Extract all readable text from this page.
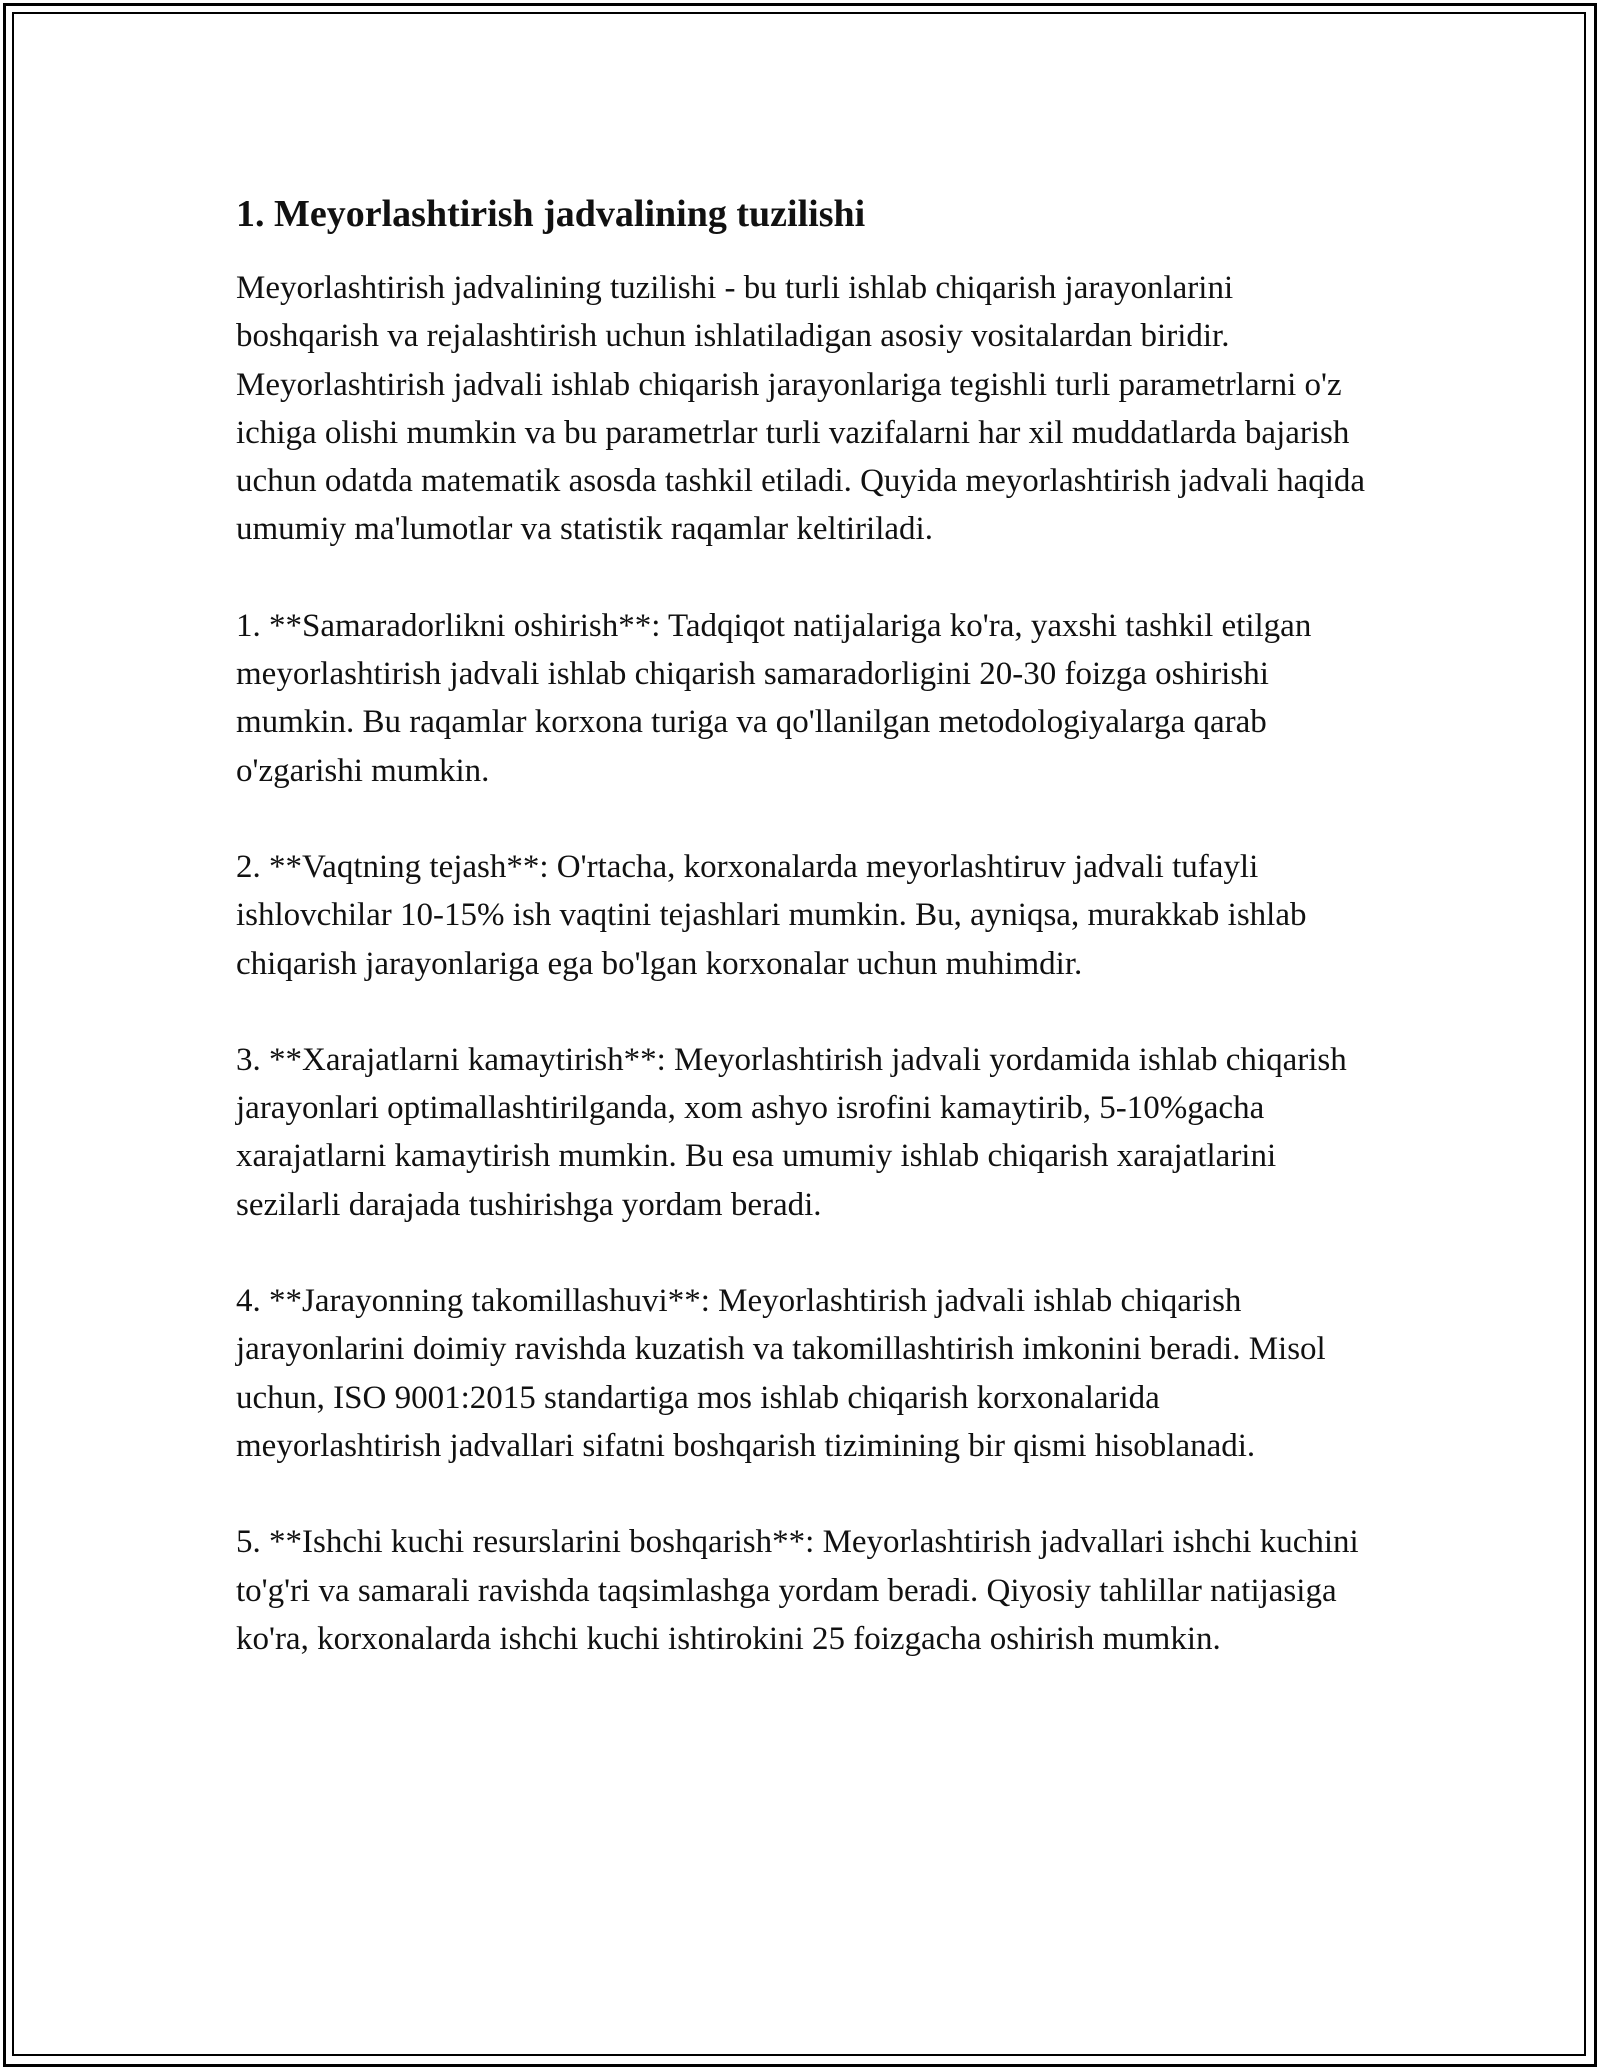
1. Meyorlashtirish jadvalining tuzilishi

Meyorlashtirish jadvalining tuzilishi - bu turli ishlab chiqarish jarayonlarini boshqarish va rejalashtirish uchun ishlatiladigan asosiy vositalardan biridir. Meyorlashtirish jadvali ishlab chiqarish jarayonlariga tegishli turli parametrlarni o'z ichiga olishi mumkin va bu parametrlar turli vazifalarni har xil muddatlarda bajarish uchun odatda matematik asosda tashkil etiladi. Quyida meyorlashtirish jadvali haqida umumiy ma'lumotlar va statistik raqamlar keltiriladi.

1. **Samaradorlikni oshirish**: Tadqiqot natijalariga ko'ra, yaxshi tashkil etilgan meyorlashtirish jadvali ishlab chiqarish samaradorligini 20-30 foizga oshirishi mumkin. Bu raqamlar korxona turiga va qo'llanilgan metodologiyalarga qarab o'zgarishi mumkin.

2. **Vaqtning tejash**: O'rtacha, korxonalarda meyorlashtiruv jadvali tufayli ishlovchilar 10-15% ish vaqtini tejashlari mumkin. Bu, ayniqsa, murakkab ishlab chiqarish jarayonlariga ega bo'lgan korxonalar uchun muhimdir.

3. **Xarajatlarni kamaytirish**: Meyorlashtirish jadvali yordamida ishlab chiqarish jarayonlari optimallashtirilganda, xom ashyo isrofini kamaytirib, 5-10%gacha xarajatlarni kamaytirish mumkin. Bu esa umumiy ishlab chiqarish xarajatlarini sezilarli darajada tushirishga yordam beradi.

4. **Jarayonning takomillashuvi**: Meyorlashtirish jadvali ishlab chiqarish jarayonlarini doimiy ravishda kuzatish va takomillashtirish imkonini beradi. Misol uchun, ISO 9001:2015 standartiga mos ishlab chiqarish korxonalarida meyorlashtirish jadvallari sifatni boshqarish tizimining bir qismi hisoblanadi.

5. **Ishchi kuchi resurslarini boshqarish**: Meyorlashtirish jadvallari ishchi kuchini to'g'ri va samarali ravishda taqsimlashga yordam beradi. Qiyosiy tahlillar natijasiga ko'ra, korxonalarda ishchi kuchi ishtirokini 25 foizgacha oshirish mumkin.
